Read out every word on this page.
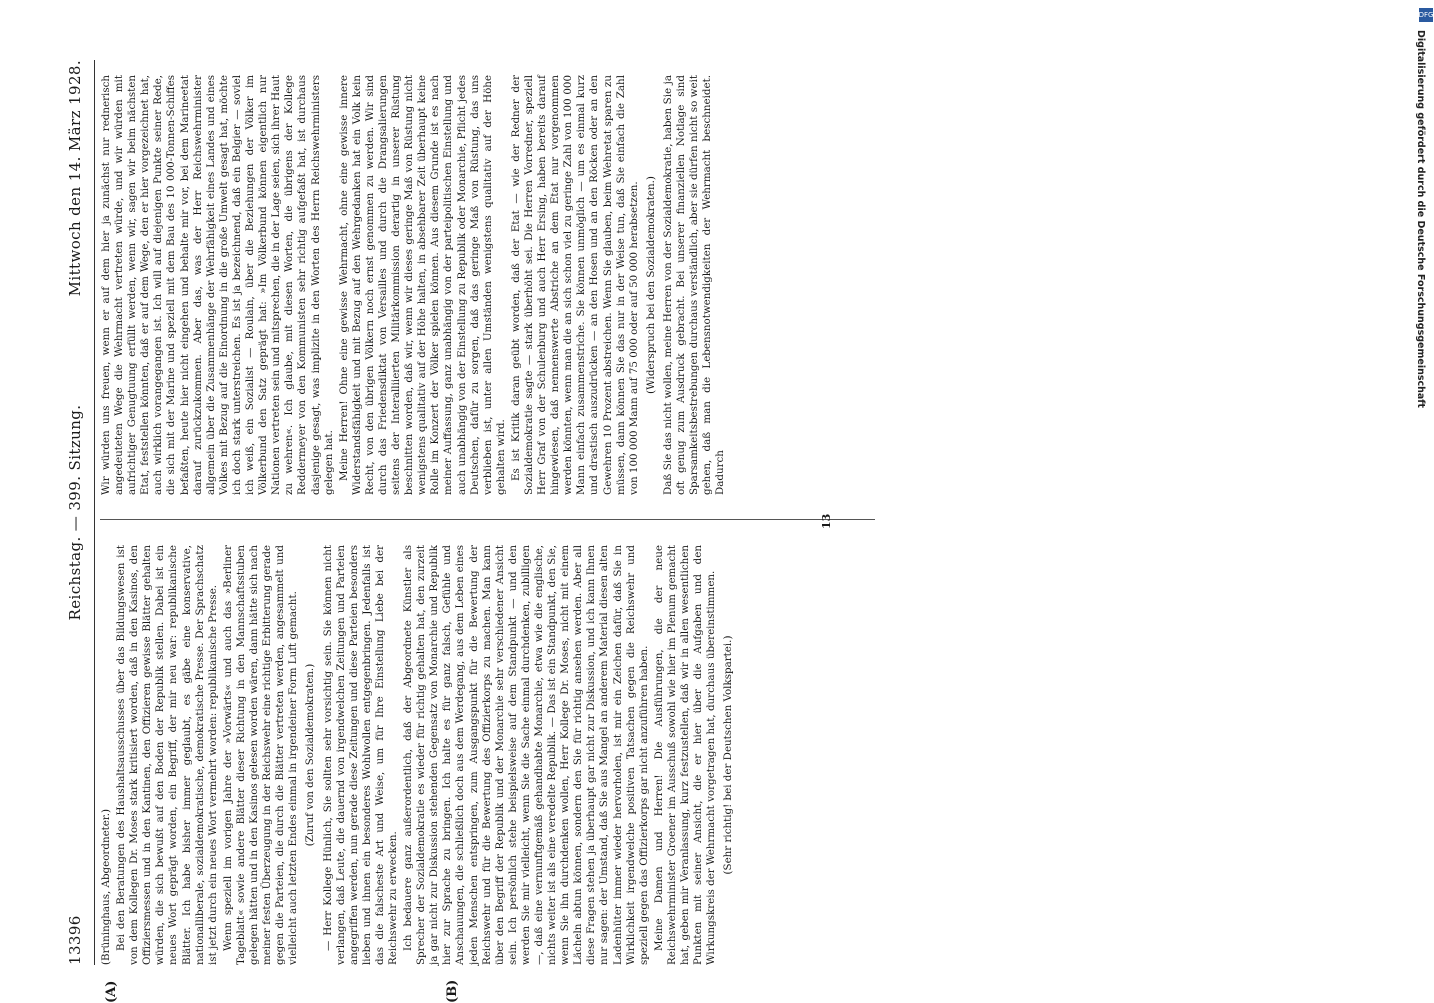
13396
Reichstag. — 399. Sitzung.
Mittwoch den 14. März 1928.
(A)	(B)

(Brüninghaus, Abgeordneter.) Bei den Beratungen des Haushaltsausschusses über das Bildungswesen ist von dem Kollegen Dr. Moses stark kritisiert worden, daß in den Kasinos, den Offiziersmessen und in den Kantinen, den Offizieren gewisse Blätter gehalten würden, die sich bewußt auf den Boden der Republik stellen. Dabei ist ein neues Wort geprägt worden, ein Begriff, der mir neu war: republikanische Blätter. Ich habe bisher immer geglaubt, es gäbe eine konservative, nationalliberale, sozialdemokratische, demokratische Presse. Der Sprachschatz ist jetzt durch ein neues Wort vermehrt worden: republikanische Presse. Wenn speziell im vorigen Jahre der »Vorwärts« und auch das »Berliner Tageblatt« sowie andere Blätter dieser Richtung in den Mannschaftsstuben gelegen hätten und in den Kasinos gelesen worden wären, dann hätte sich nach meiner festen Überzeugung in der Reichswehr eine richtige Erbitterung gerade gegen die Parteien, die durch die Blätter vertreten werden, angesammelt und vielleicht auch letzten Endes einmal in irgendeiner Form Luft gemacht. (Zuruf von den Sozialdemokraten.) — Herr Kollege Hünlich, Sie sollten sehr vorsichtig sein. Sie können nicht verlangen, daß Leute, die dauernd von irgendwelchen Zeitungen und Parteien angegriffen werden, nun gerade diese Zeitungen und diese Parteien besonders lieben und ihnen ein besonderes Wohlwollen entgegenbringen. Jedenfalls ist das die falscheste Art und Weise, um für Ihre Einstellung Liebe bei der Reichswehr zu erwecken. Ich bedauere ganz außerordentlich, daß der Abgeordnete Künstler als Sprecher der Sozialdemokratie es wieder für richtig gehalten hat, den zurzeit ja gar nicht zur Diskussion stehenden Gegensatz von Monarchie und Republik hier zur Sprache zu bringen. Ich halte es für ganz falsch, Gefühle und Anschauungen, die schließlich doch aus dem Werdegang, aus dem Leben eines jeden Menschen entspringen, zum Ausgangspunkt für die Bewertung der Reichswehr und für die Bewertung des Offizierkorps zu machen. Man kann über den Begriff der Republik und der Monarchie sehr verschiedener Ansicht sein. Ich persönlich stehe beispielsweise auf dem Standpunkt — und den werden Sie mir vielleicht, wenn Sie die Sache einmal durchdenken, zubilligen —, daß eine vernunftgemäß gehandhabte Monarchie, etwa wie die englische, nichts weiter ist als eine veredelte Republik. — Das ist ein Standpunkt, den Sie, wenn Sie ihn durchdenken wollen, Herr Kollege Dr. Moses, nicht mit einem Lächeln abtun können, sondern den Sie für richtig ansehen werden. Aber all diese Fragen stehen ja überhaupt gar nicht zur Diskussion, und ich kann Ihnen nur sagen: der Umstand, daß Sie aus Mangel an anderem Material diesen alten Ladenhüter immer wieder hervorholen, ist mir ein Zeichen dafür, daß Sie in Wirklichkeit irgendwelche positiven Tatsachen gegen die Reichswehr und speziell gegen das Offizierkorps gar nicht anzuführen haben. Meine Damen und Herren! Die Ausführungen, die der neue Reichswehrminister Groener im Ausschuß sowohl wie hier im Plenum gemacht hat, geben mir Veranlassung, kurz festzustellen, daß wir in allen wesentlichen Punkten mit seiner Ansicht, die er hier über die Aufgaben und den Wirkungskreis der Wehrmacht vorgetragen hat, durchaus übereinstimmen. (Sehr richtig! bei der Deutschen Volkspartei.)

Wir würden uns freuen, wenn er auf dem hier ja zunächst nur rednerisch angedeuteten Wege die Wehrmacht vertreten würde, und wir würden mit aufrichtiger Genugtuung erfüllt werden, wenn wir, sagen wir beim nächsten Etat, feststellen könnten, daß er auf dem Wege, den er hier vorgezeichnet hat, auch wirklich vorangegangen ist. Ich will auf diejenigen Punkte seiner Rede, die sich mit der Marine und speziell mit dem Bau des 10 000-Tonnen-Schiffes befaßten, heute hier nicht eingehen und behalte mir vor, bei dem Marineetat darauf zurückzukommen. Aber das, was der Herr Reichswehrminister allgemein über die Zusammenhänge der Wehrfähigkeit eines Landes und eines Volkes mit Bezug auf die Einordnung in die große Umwelt gesagt hat, möchte ich doch stark unterstreichen. Es ist ja bezeichnend, daß ein Belgier — soviel ich weiß, ein Sozialist — Roulain, über die Beziehungen der Völker im Völkerbund den Satz geprägt hat: »Im Völkerbund können eigentlich nur Nationen vertreten sein und mitsprechen, die in der Lage seien, sich ihrer Haut zu wehren«. Ich glaube, mit diesen Worten, die übrigens der Kollege Reddermeyer von den Kommunisten sehr richtig aufgefaßt hat, ist durchaus dasjenige gesagt, was implizite in den Worten des Herrn Reichswehrministers gelegen hat. Meine Herren! Ohne eine gewisse Wehrmacht, ohne eine gewisse innere Widerstandsfähigkeit und mit Bezug auf den Wehrgedanken hat ein Volk kein Recht, von den übrigen Völkern noch ernst genommen zu werden. Wir sind durch das Friedensdiktat von Versailles und durch die Drangsalierungen seitens der Interalliierten Militärkommission derartig in unserer Rüstung beschnitten worden, daß wir, wenn wir dieses geringe Maß von Rüstung nicht wenigstens qualitativ auf der Höhe halten, in absehbarer Zeit überhaupt keine Rolle im Konzert der Völker spielen können. Aus diesem Grunde ist es nach meiner Auffassung, ganz unabhängig von der parteipolitischen Einstellung und auch unabhängig von der Einstellung zu Republik oder Monarchie, Pflicht jedes Deutschen, dafür zu sorgen, daß das geringe Maß von Rüstung, das uns verblieben ist, unter allen Umständen wenigstens qualitativ auf der Höhe gehalten wird. Es ist Kritik daran geübt worden, daß der Etat — wie der Redner der Sozialdemokratie sagte — stark überhöht sei. Die Herren Vorredner, speziell Herr Graf von der Schulenburg und auch Herr Ersing, haben bereits darauf hingewiesen, daß nennenswerte Abstriche an dem Etat nur vorgenommen werden könnten, wenn man die an sich schon viel zu geringe Zahl von 100 000 Mann einfach zusammenstriche. Sie können unmöglich — um es einmal kurz und drastisch auszudrücken — an den Hosen und an den Röcken oder an den Gewehren 10 Prozent abstreichen. Wenn Sie glauben, beim Wehretat sparen zu müssen, dann können Sie das nur in der Weise tun, daß Sie einfach die Zahl von 100 000 Mann auf 75 000 oder auf 50 000 herabsetzen. (Widerspruch bei den Sozialdemokraten.) Daß Sie das nicht wollen, meine Herren von der Sozialdemokratie, haben Sie ja oft genug zum Ausdruck gebracht. Bei unserer finanziellen Notlage sind Sparsamkeitsbestrebungen durchaus verständlich, aber sie dürfen nicht so weit gehen, daß man die Lebensnotwendigkeiten der Wehrmacht beschneidet. Dadurch

13
DFG
Digitalisierung gefördert durch die Deutsche Forschungsgemeinschaft
